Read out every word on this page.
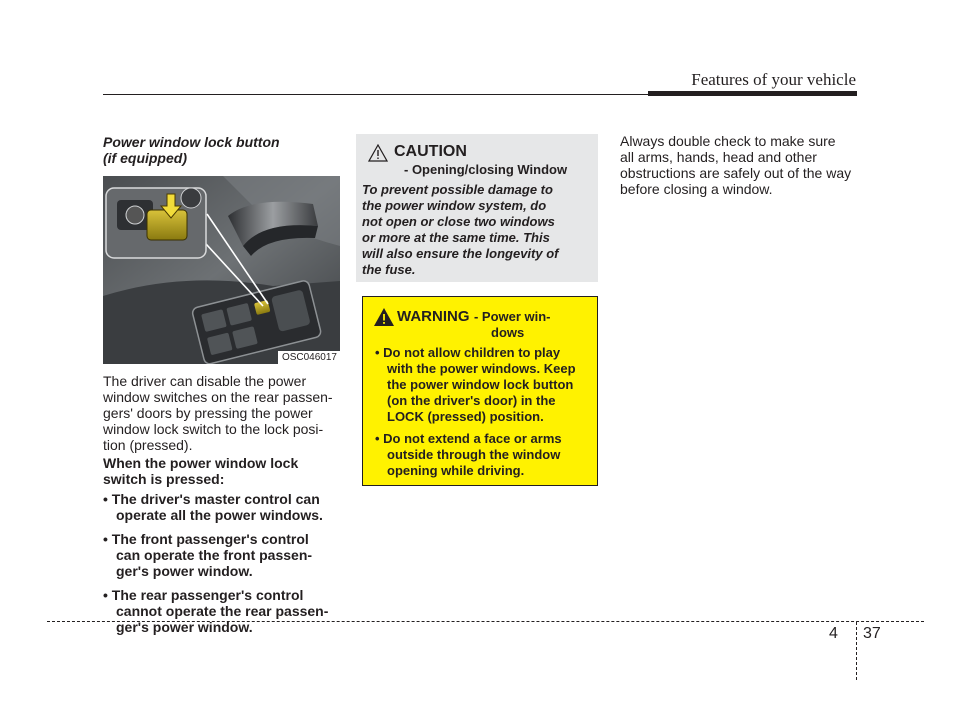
Features of your vehicle
Power window lock button
(if equipped)
OSC046017
The driver can disable the power
window switches on the rear passen-
gers' doors by pressing the power
window lock switch to the lock posi-
tion (pressed).
When the power window lock
switch is pressed:
• The driver's master control can
operate all the power windows.
• The front passenger's control
can operate the front passen-
ger's power window.
• The rear passenger's control
cannot operate the rear passen-
ger's power window.
CAUTION
- Opening/closing Window
To prevent possible damage to
the power window system, do
not open or close two windows
or more at the same time. This
will also ensure the longevity of
the fuse.
WARNING - Power win-
dows
• Do not allow children to play
with the power windows. Keep
the power window lock button
(on the driver's door) in the
LOCK (pressed) position.
• Do not extend a face or arms
outside through the window
opening while driving.
Always double check to make sure
all arms, hands, head and other
obstructions are safely out of the way
before closing a window.
4 37
